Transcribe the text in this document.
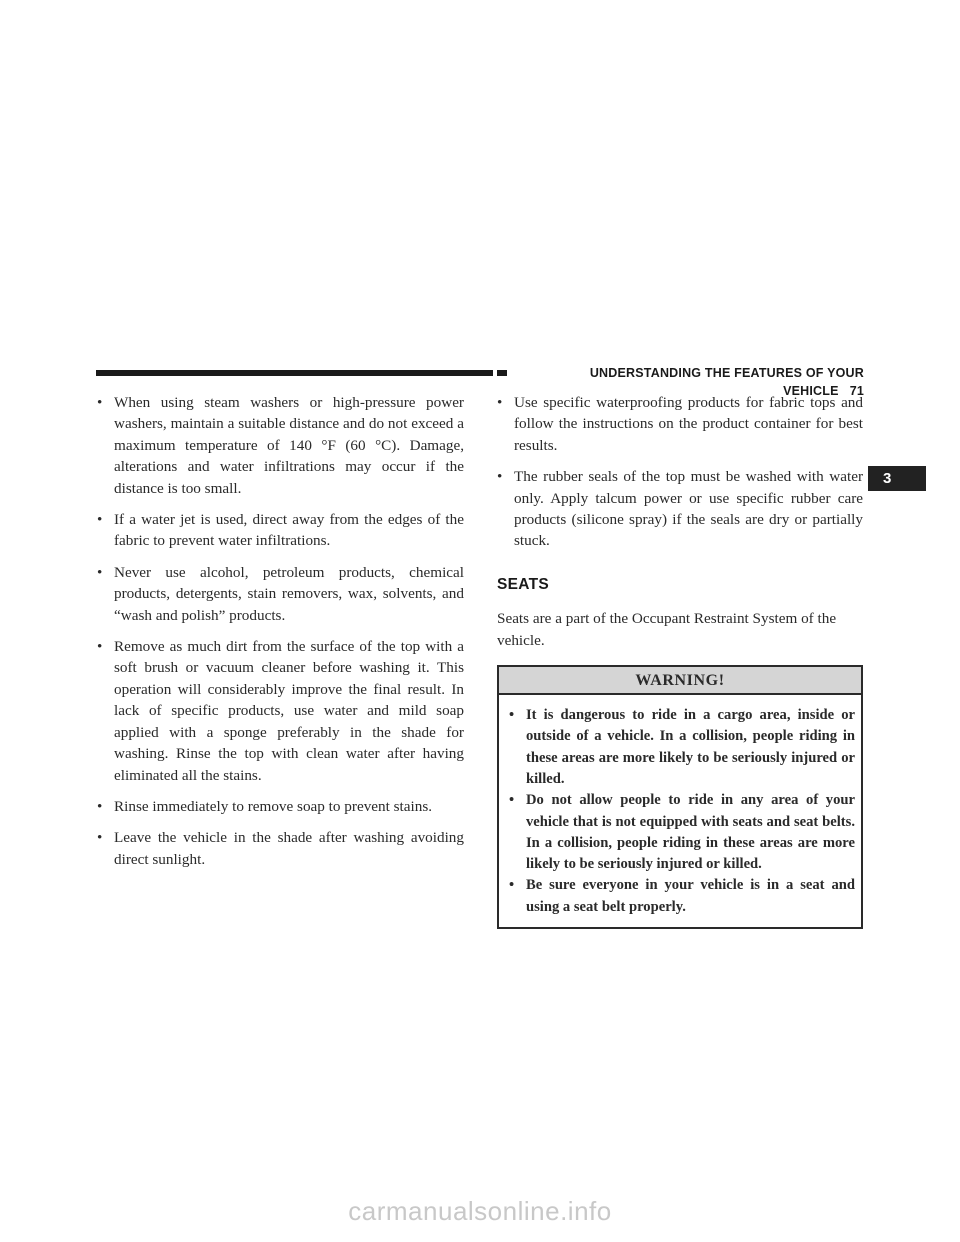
UNDERSTANDING THE FEATURES OF YOUR VEHICLE 71
• When using steam washers or high-pressure power washers, maintain a suitable distance and do not exceed a maximum temperature of 140 °F (60 °C). Damage, alterations and water infiltrations may occur if the distance is too small.

• If a water jet is used, direct away from the edges of the fabric to prevent water infiltrations.

• Never use alcohol, petroleum products, chemical products, detergents, stain removers, wax, solvents, and “wash and polish” products.

• Remove as much dirt from the surface of the top with a soft brush or vacuum cleaner before washing it. This operation will considerably improve the final result. In lack of specific products, use water and mild soap applied with a sponge preferably in the shade for washing. Rinse the top with clean water after having eliminated all the stains.

• Rinse immediately to remove soap to prevent stains.

• Leave the vehicle in the shade after washing avoiding direct sunlight.

• Use specific waterproofing products for fabric tops and follow the instructions on the product container for best results.

• The rubber seals of the top must be washed with water only. Apply talcum power or use specific rubber care products (silicone spray) if the seals are dry or partially stuck.

SEATS

Seats are a part of the Occupant Restraint System of the vehicle.

WARNING!
• It is dangerous to ride in a cargo area, inside or outside of a vehicle. In a collision, people riding in these areas are more likely to be seriously injured or killed.

• Do not allow people to ride in any area of your vehicle that is not equipped with seats and seat belts. In a collision, people riding in these areas are more likely to be seriously injured or killed.

• Be sure everyone in your vehicle is in a seat and using a seat belt properly.

3
carmanualsonline.info
